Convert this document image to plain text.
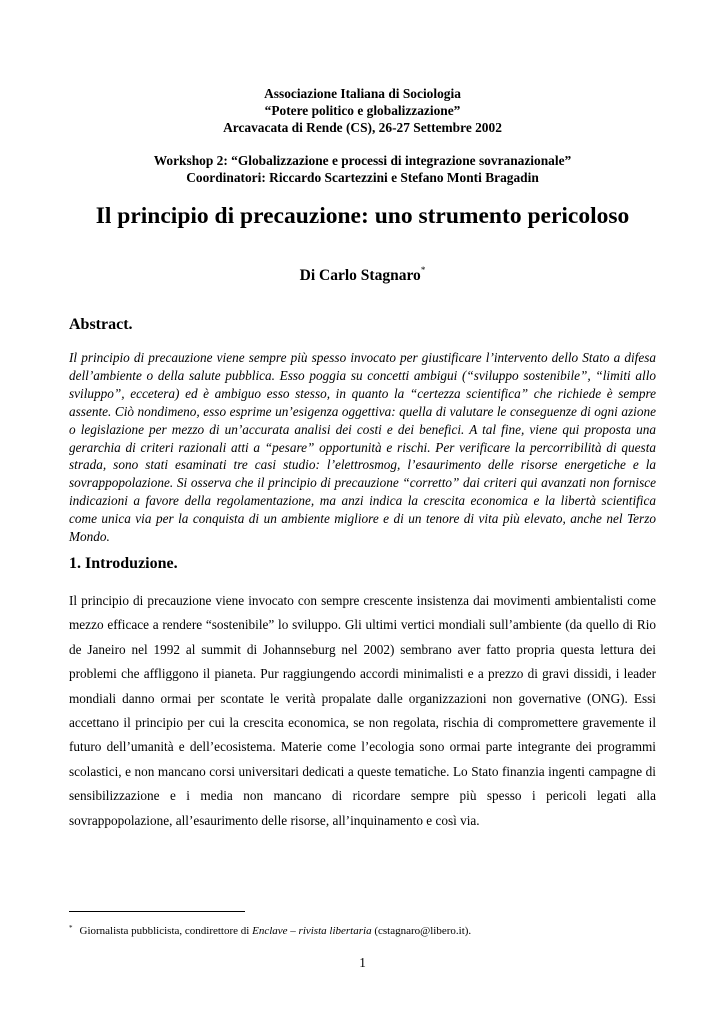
Associazione Italiana di Sociologia
“Potere politico e globalizzazione”
Arcavacata di Rende (CS), 26-27 Settembre 2002
Workshop 2: “Globalizzazione e processi di integrazione sovranazionale”
Coordinatori: Riccardo Scartezzini e Stefano Monti Bragadin
Il principio di precauzione: uno strumento pericoloso
Di Carlo Stagnaro*
Abstract.
Il principio di precauzione viene sempre più spesso invocato per giustificare l’intervento dello Stato a difesa dell’ambiente o della salute pubblica. Esso poggia su concetti ambigui (“sviluppo sostenibile”, “limiti allo sviluppo”, eccetera) ed è ambiguo esso stesso, in quanto la “certezza scientifica” che richiede è sempre assente. Ciò nondimeno, esso esprime un’esigenza oggettiva: quella di valutare le conseguenze di ogni azione o legislazione per mezzo di un’accurata analisi dei costi e dei benefici. A tal fine, viene qui proposta una gerarchia di criteri razionali atti a “pesare” opportunità e rischi. Per verificare la percorribilità di questa strada, sono stati esaminati tre casi studio: l’elettrosmog, l’esaurimento delle risorse energetiche e la sovrappopolazione. Si osserva che il principio di precauzione “corretto” dai criteri qui avanzati non fornisce indicazioni a favore della regolamentazione, ma anzi indica la crescita economica e la libertà scientifica come unica via per la conquista di un ambiente migliore e di un tenore di vita più elevato, anche nel Terzo Mondo.
1. Introduzione.
Il principio di precauzione viene invocato con sempre crescente insistenza dai movimenti ambientalisti come mezzo efficace a rendere “sostenibile” lo sviluppo. Gli ultimi vertici mondiali sull’ambiente (da quello di Rio de Janeiro nel 1992 al summit di Johannseburg nel 2002) sembrano aver fatto propria questa lettura dei problemi che affliggono il pianeta. Pur raggiungendo accordi minimalisti e a prezzo di gravi dissidi, i leader mondiali danno ormai per scontate le verità propalate dalle organizzazioni non governative (ONG). Essi accettano il principio per cui la crescita economica, se non regolata, rischia di compromettere gravemente il futuro dell’umanità e dell’ecosistema. Materie come l’ecologia sono ormai parte integrante dei programmi scolastici, e non mancano corsi universitari dedicati a queste tematiche. Lo Stato finanzia ingenti campagne di sensibilizzazione e i media non mancano di ricordare sempre più spesso i pericoli legati alla sovrappopolazione, all’esaurimento delle risorse, all’inquinamento e così via.
* Giornalista pubblicista, condirettore di Enclave – rivista libertaria (cstagnaro@libero.it).
1
